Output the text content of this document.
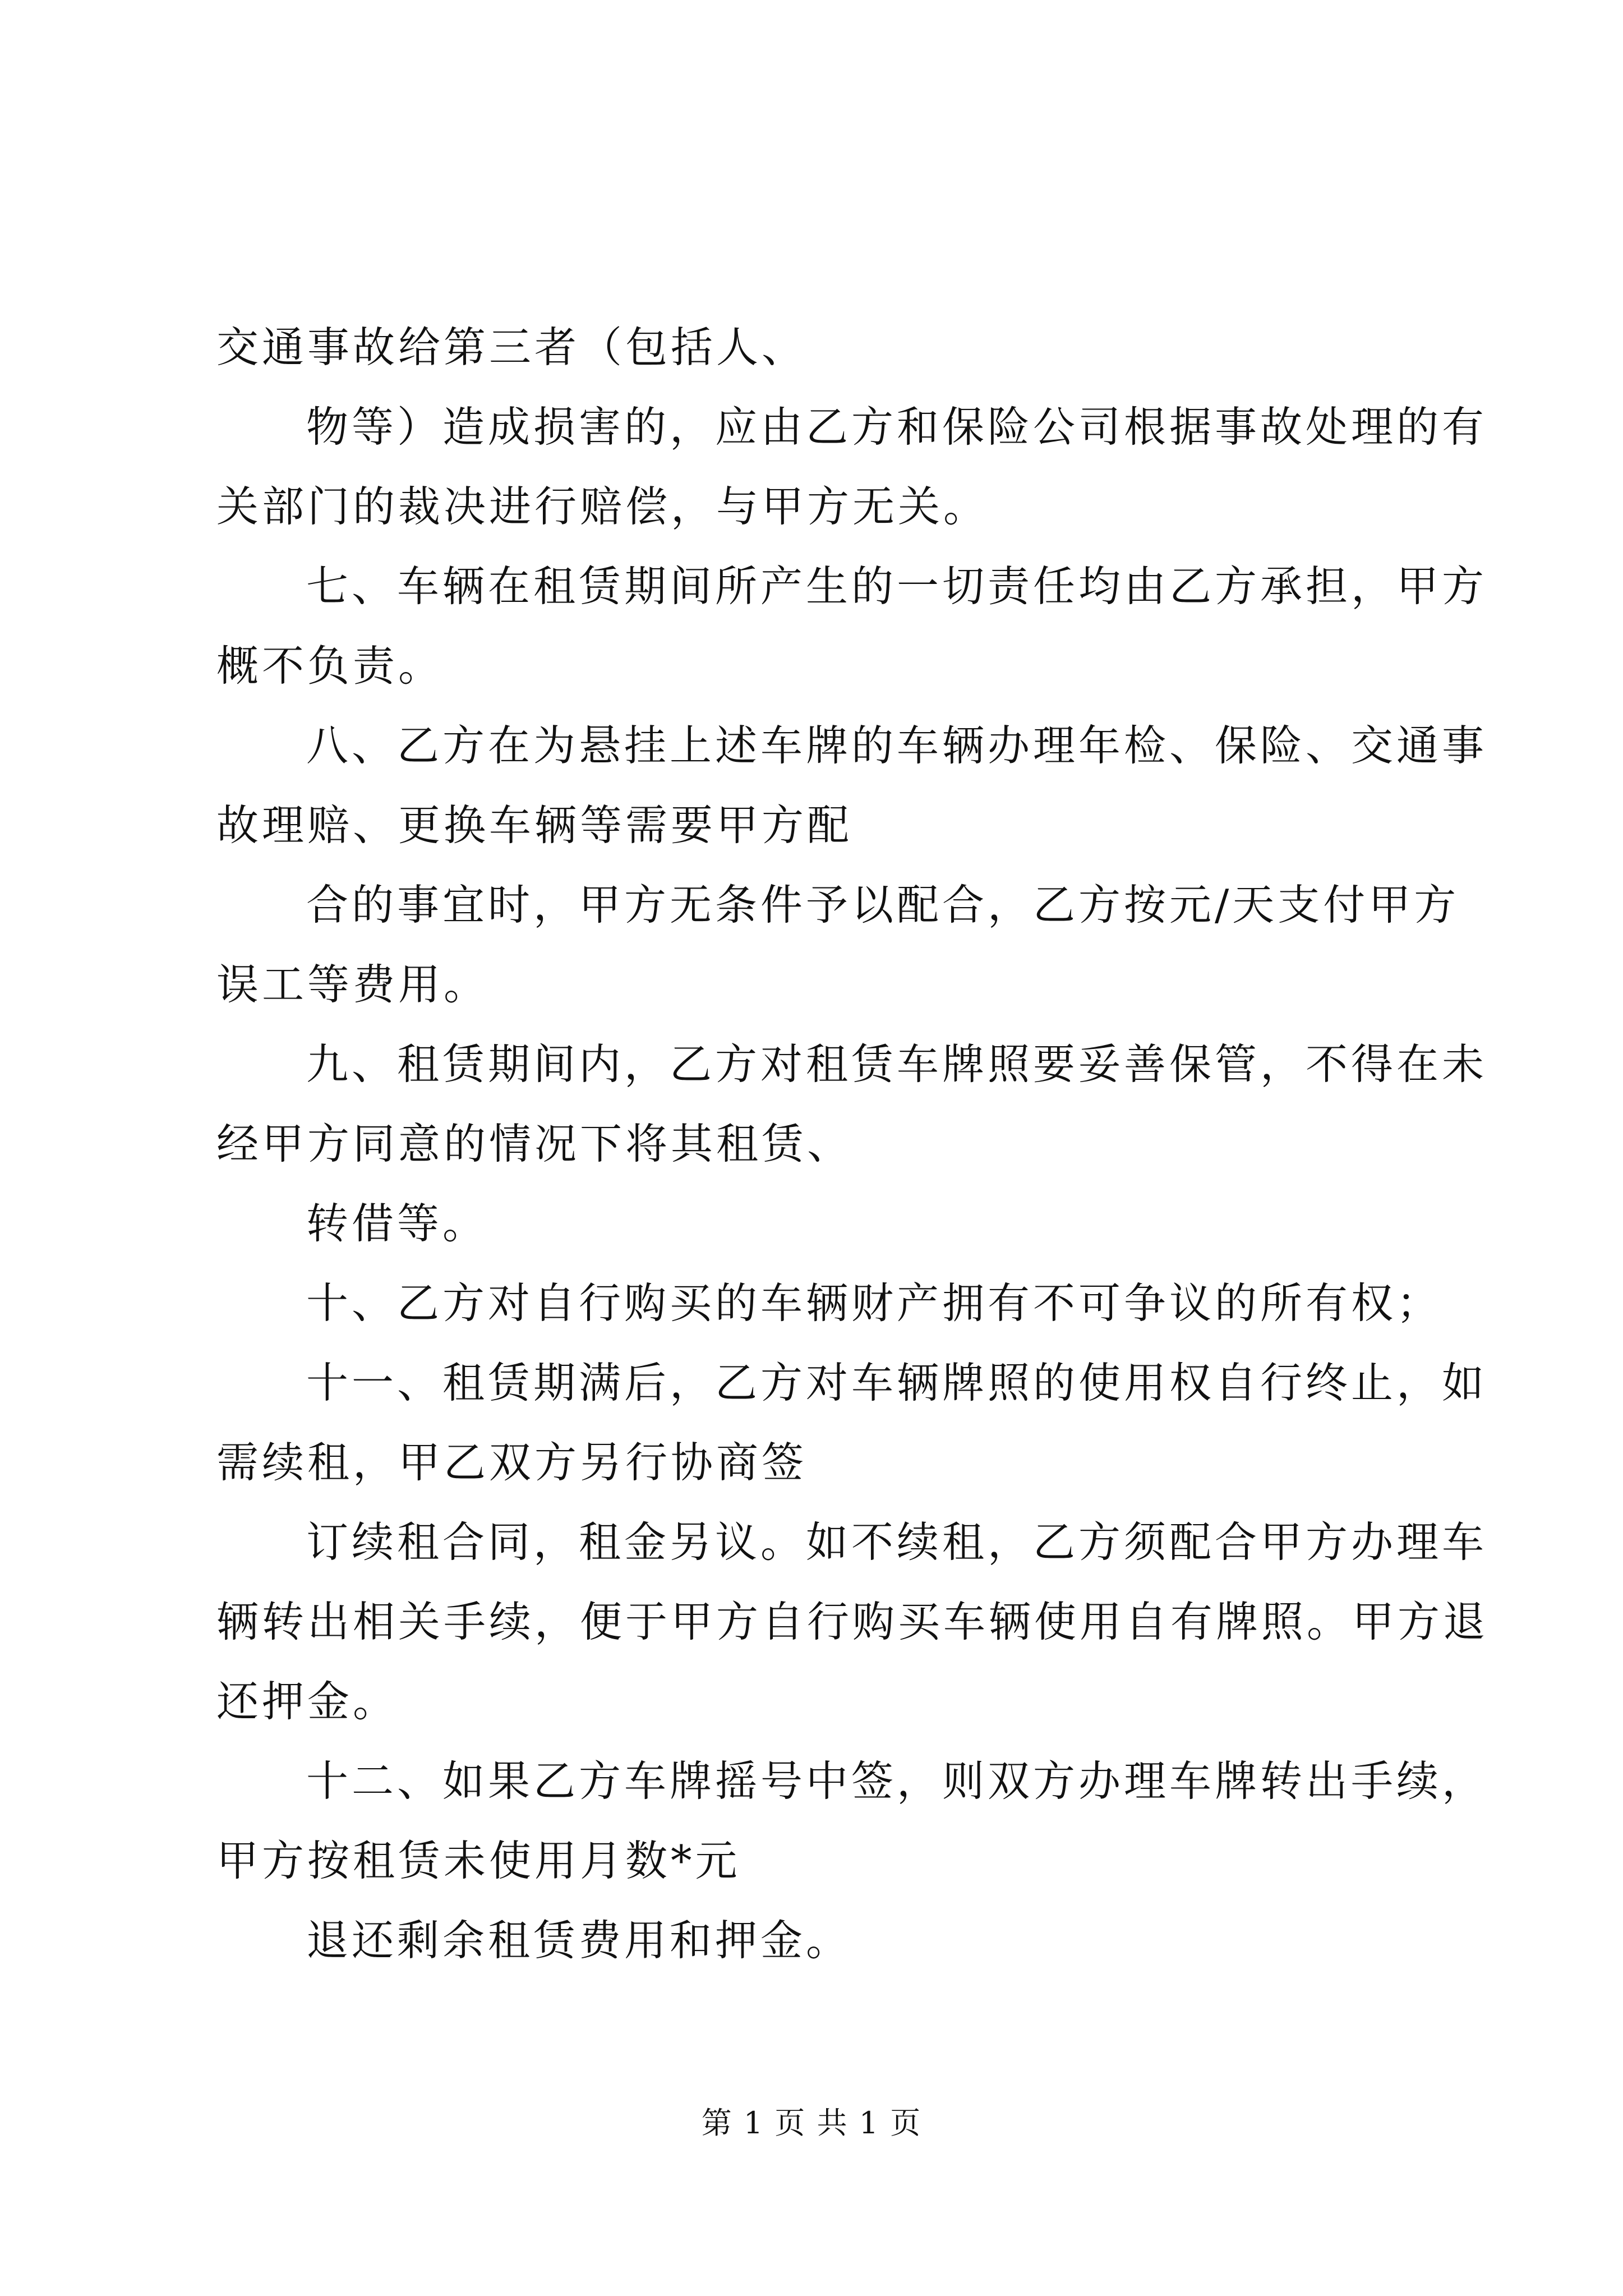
交通事故给第三者（包括人、
物等）造成损害的，应由乙方和保险公司根据事故处理的有
关部门的裁决进行赔偿，与甲方无关。
七、车辆在租赁期间所产生的一切责任均由乙方承担，甲方
概不负责。
八、乙方在为悬挂上述车牌的车辆办理年检、保险、交通事
故理赔、更换车辆等需要甲方配
合的事宜时，甲方无条件予以配合，乙方按元/天支付甲方
误工等费用。
九、租赁期间内，乙方对租赁车牌照要妥善保管，不得在未
经甲方同意的情况下将其租赁、
转借等。
十、乙方对自行购买的车辆财产拥有不可争议的所有权；
十一、租赁期满后，乙方对车辆牌照的使用权自行终止，如
需续租，甲乙双方另行协商签
订续租合同，租金另议。如不续租，乙方须配合甲方办理车
辆转出相关手续，便于甲方自行购买车辆使用自有牌照。甲方退
还押金。
十二、如果乙方车牌摇号中签，则双方办理车牌转出手续，
甲方按租赁未使用月数*元
退还剩余租赁费用和押金。
第 1 页 共 1 页
